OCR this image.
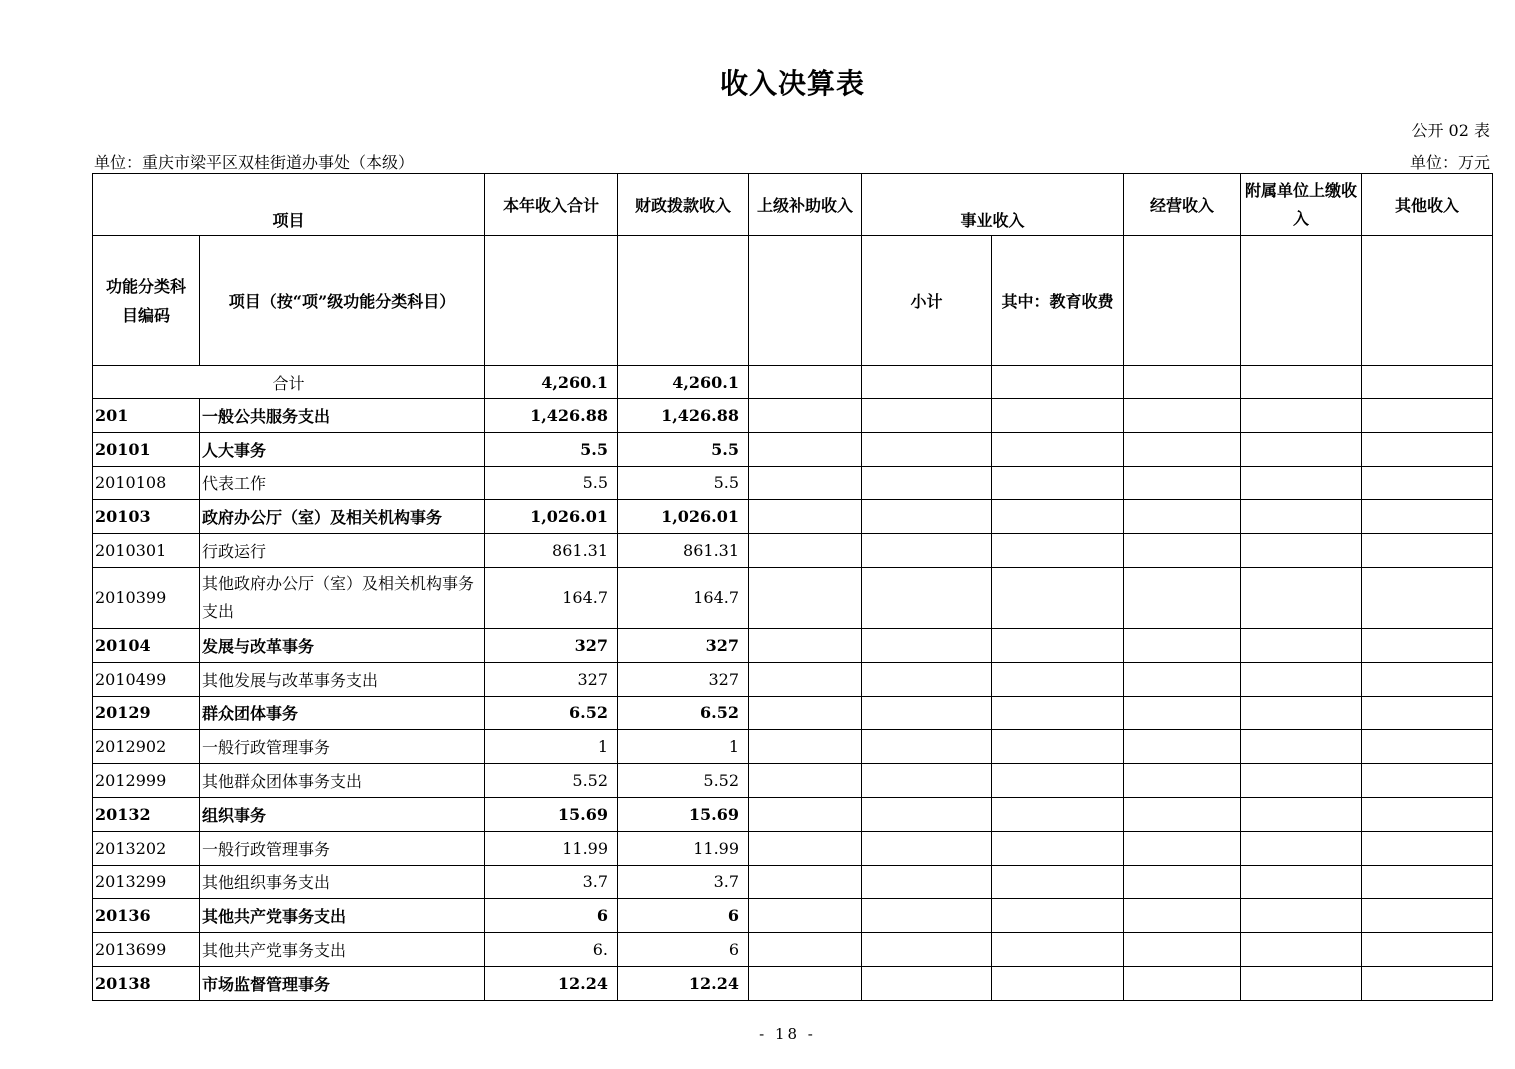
收入决算表
公开 02 表
单位：重庆市梁平区双桂街道办事处（本级）	单位：万元
项目		本年收入合计	财政拨款收入	上级补助收入	事业收入		经营收入	附属单位上缴收入	其他收入
功能分类科目编码	项目（按“项”级功能分类科目）				小计	其中：教育收费			
合计		4,260.1	4,260.1						
201	一般公共服务支出	1,426.88	1,426.88						
20101	人大事务	5.5	5.5						
2010108	代表工作	5.5	5.5						
20103	政府办公厅（室）及相关机构事务	1,026.01	1,026.01						
2010301	行政运行	861.31	861.31						
2010399	其他政府办公厅（室）及相关机构事务支出	164.7	164.7						
20104	发展与改革事务	327	327						
2010499	其他发展与改革事务支出	327	327						
20129	群众团体事务	6.52	6.52						
2012902	一般行政管理事务	1	1						
2012999	其他群众团体事务支出	5.52	5.52						
20132	组织事务	15.69	15.69						
2013202	一般行政管理事务	11.99	11.99						
2013299	其他组织事务支出	3.7	3.7						
20136	其他共产党事务支出	6	6						
2013699	其他共产党事务支出	6.	6						
20138	市场监督管理事务	12.24	12.24						
- 18 -
